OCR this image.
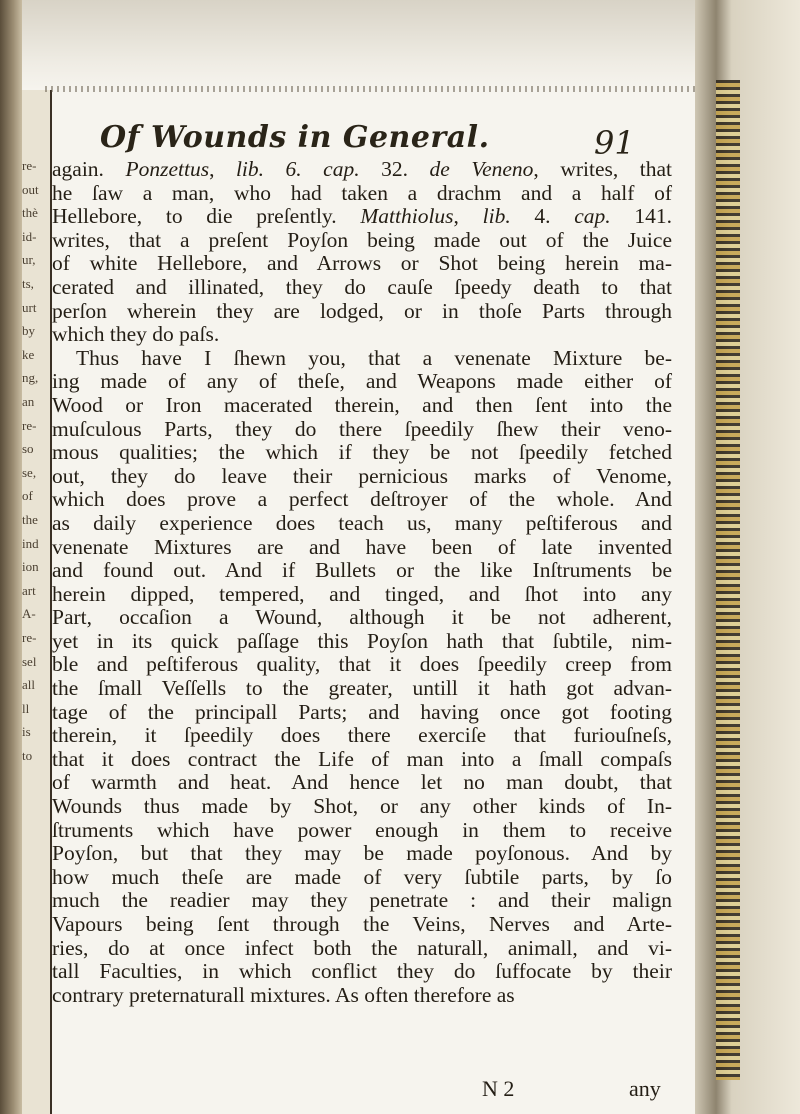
re-
out
thè
id-
ur,
ts,
urt
by
ke
ng,
an
re-
so
se,
of
the
ind
ion
art
A-
re-
sel
all
ll
is
to
Of Wounds in General.	91
again. Ponzettus, lib. 6. cap. 32. de Veneno, writes, that
he ſaw a man, who had taken a drachm and a half of
Hellebore, to die preſently. Matthiolus, lib. 4. cap. 141.
writes, that a preſent Poyſon being made out of the Juice
of white Hellebore, and Arrows or Shot being herein ma-
cerated and illinated, they do cauſe ſpeedy death to that
perſon wherein they are lodged, or in thoſe Parts through
which they do paſs.
Thus have I ſhewn you, that a venenate Mixture be-
ing made of any of theſe, and Weapons made either of
Wood or Iron macerated therein, and then ſent into the
muſculous Parts, they do there ſpeedily ſhew their veno-
mous qualities; the which if they be not ſpeedily fetched
out, they do leave their pernicious marks of Venome,
which does prove a perfect deſtroyer of the whole. And
as daily experience does teach us, many peſtiferous and
venenate Mixtures are and have been of late invented
and found out. And if Bullets or the like Inſtruments be
herein dipped, tempered, and tinged, and ſhot into any
Part, occaſion a Wound, although it be not adherent,
yet in its quick paſſage this Poyſon hath that ſubtile, nim-
ble and peſtiferous quality, that it does ſpeedily creep from
the ſmall Veſſells to the greater, untill it hath got advan-
tage of the principall Parts; and having once got footing
therein, it ſpeedily does there exerciſe that furiouſneſs,
that it does contract the Life of man into a ſmall compaſs
of warmth and heat. And hence let no man doubt, that
Wounds thus made by Shot, or any other kinds of In-
ſtruments which have power enough in them to receive
Poyſon, but that they may be made poyſonous. And by
how much theſe are made of very ſubtile parts, by ſo
much the readier may they penetrate : and their malign
Vapours being ſent through the Veins, Nerves and Arte-
ries, do at once infect both the naturall, animall, and vi-
tall Faculties, in which conflict they do ſuffocate by their
contrary preternaturall mixtures. As often therefore as
N 2	any
